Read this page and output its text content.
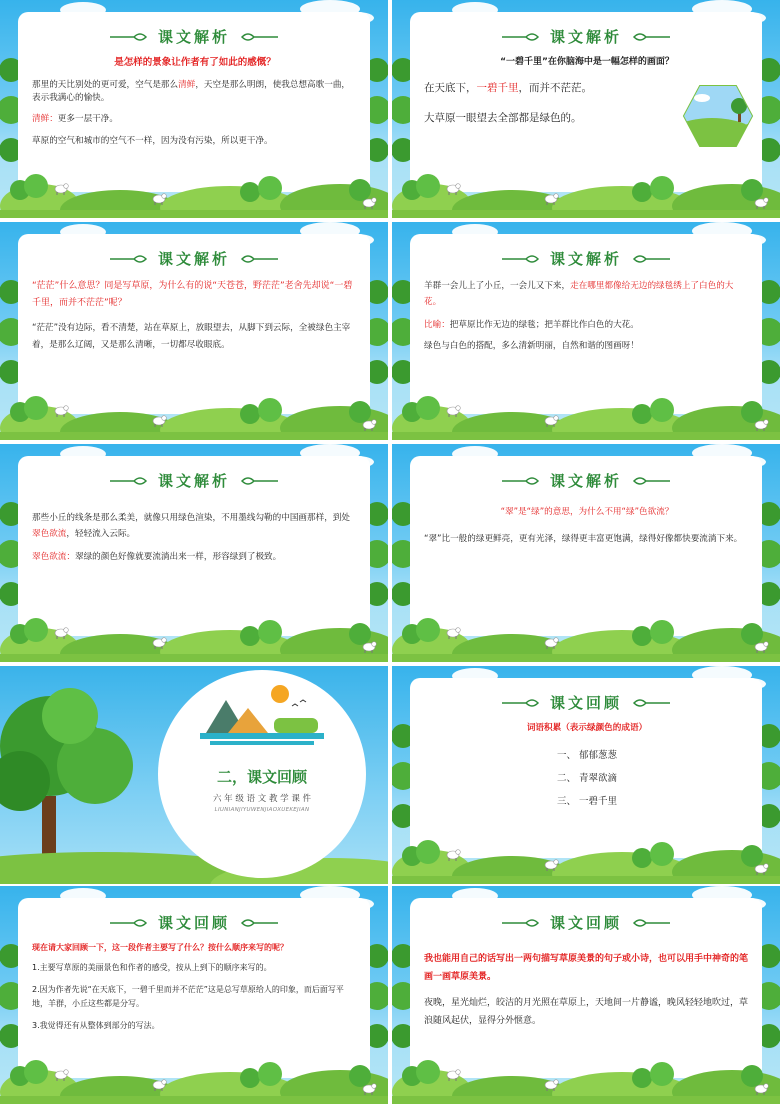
课文解析

是怎样的景象让作者有了如此的感慨？

那里的天比别处的更可爱，空气是那么清鲜，天空是那么明朗，使我总想高歌一曲，表示我满心的愉快。

清鲜：更多一层干净。

草原的空气和城市的空气不一样，因为没有污染，所以更干净。

课文解析

“一碧千里”在你脑海中是一幅怎样的画面？

在天底下，一碧千里，而并不茫茫。

大草原一眼望去全部都是绿色的。

课文解析

“茫茫”什么意思？同是写草原，为什么有的说“天苍苍，野茫茫”老舍先却说“一碧千里，而并不茫茫”呢？

“茫茫”没有边际，看不清楚，站在草原上，放眼望去，从脚下到云际，全被绿色主宰着，是那么辽阔，又是那么清晰，一切都尽收眼底。

课文解析

羊群一会儿上了小丘，一会儿又下来，走在哪里都像给无边的绿毯绣上了白色的大花。

比喻：把草原比作无边的绿毯；把羊群比作白色的大花。

绿色与白色的搭配，多么清新明丽，自然和谐的图画呀！

课文解析

那些小丘的线条是那么柔美，就像只用绿色渲染，不用墨线勾勒的中国画那样，到处翠色欲流，轻轻流入云际。

翠色欲流：翠绿的颜色好像就要流淌出来一样，形容绿到了极致。

课文解析

“翠”是“绿”的意思，为什么不用“绿”色欲流？

“翠”比一般的绿更鲜亮，更有光泽，绿得更丰富更饱满，绿得好像都快要流淌下来。

二，课文回顾
六 年 级 语 文 教 学 课 件
LIUNIANJIYUWENJIAOXUEKEJIAN
课文回顾

词语积累（表示绿颜色的成语）

一、 郁郁葱葱

二、 青翠欲滴

三、 一碧千里

课文回顾

现在请大家回顾一下，这一段作者主要写了什么？按什么顺序来写的呢？

1.主要写草原的美丽景色和作者的感受，按从上到下的顺序来写的。

2.因为作者先说“在天底下，一碧千里而并不茫茫”这是总写草原给人的印象，而后面写平地，羊群，小丘这些都是分写。

3.我觉得还有从整体到部分的写法。

课文回顾

我也能用自己的话写出一两句描写草原美景的句子或小诗，也可以用手中神奇的笔画一画草原美景。

夜晚，星光灿烂，皎洁的月光照在草原上，天地间一片静谧，晚风轻轻地吹过，草浪随风起伏，显得分外惬意。
